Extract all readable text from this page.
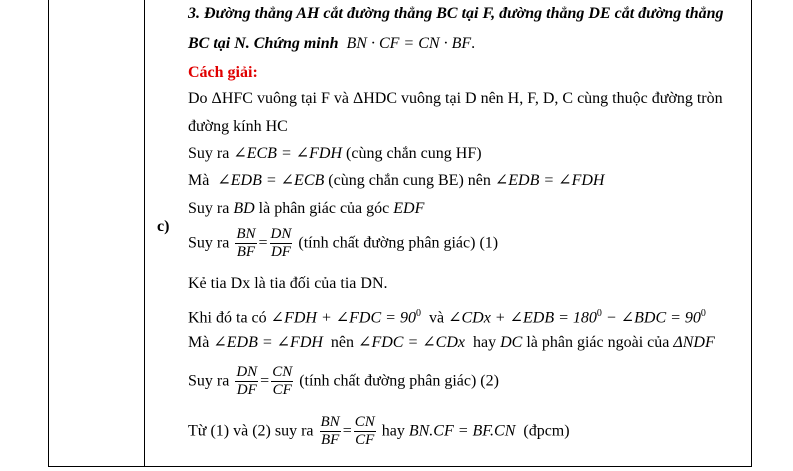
c)
3. Đường thẳng AH cắt đường thẳng BC tại F, đường thẳng DE cắt đường thẳng
BC tại N. Chứng minh BN · CF = CN · BF.
Cách giải:
Do ΔHFC vuông tại F và ΔHDC vuông tại D nên H, F, D, C cùng thuộc đường tròn
đường kính HC
Suy ra ∠ECB = ∠FDH (cùng chắn cung HF)
Mà ∠EDB = ∠ECB (cùng chắn cung BE) nên ∠EDB = ∠FDH
Suy ra BD là phân giác của góc EDF
Suy ra $\frac{BN}{BF} = \frac{DN}{DF}$ (tính chất đường phân giác) (1)
Kẻ tia Dx là tia đối của tia DN.
Khi đó ta có ∠FDH + ∠FDC = $90^0$ và ∠CDx + ∠EDB = $180^0$ − ∠BDC = $90^0$
Mà ∠EDB = ∠FDH nên ∠FDC = ∠CDx hay DC là phân giác ngoài của ΔNDF
Suy ra $\frac{DN}{DF} = \frac{CN}{CF}$ (tính chất đường phân giác) (2)
Từ (1) và (2) suy ra $\frac{BN}{BF} = \frac{CN}{CF}$ hay BN.CF = BF.CN (đpcm)
